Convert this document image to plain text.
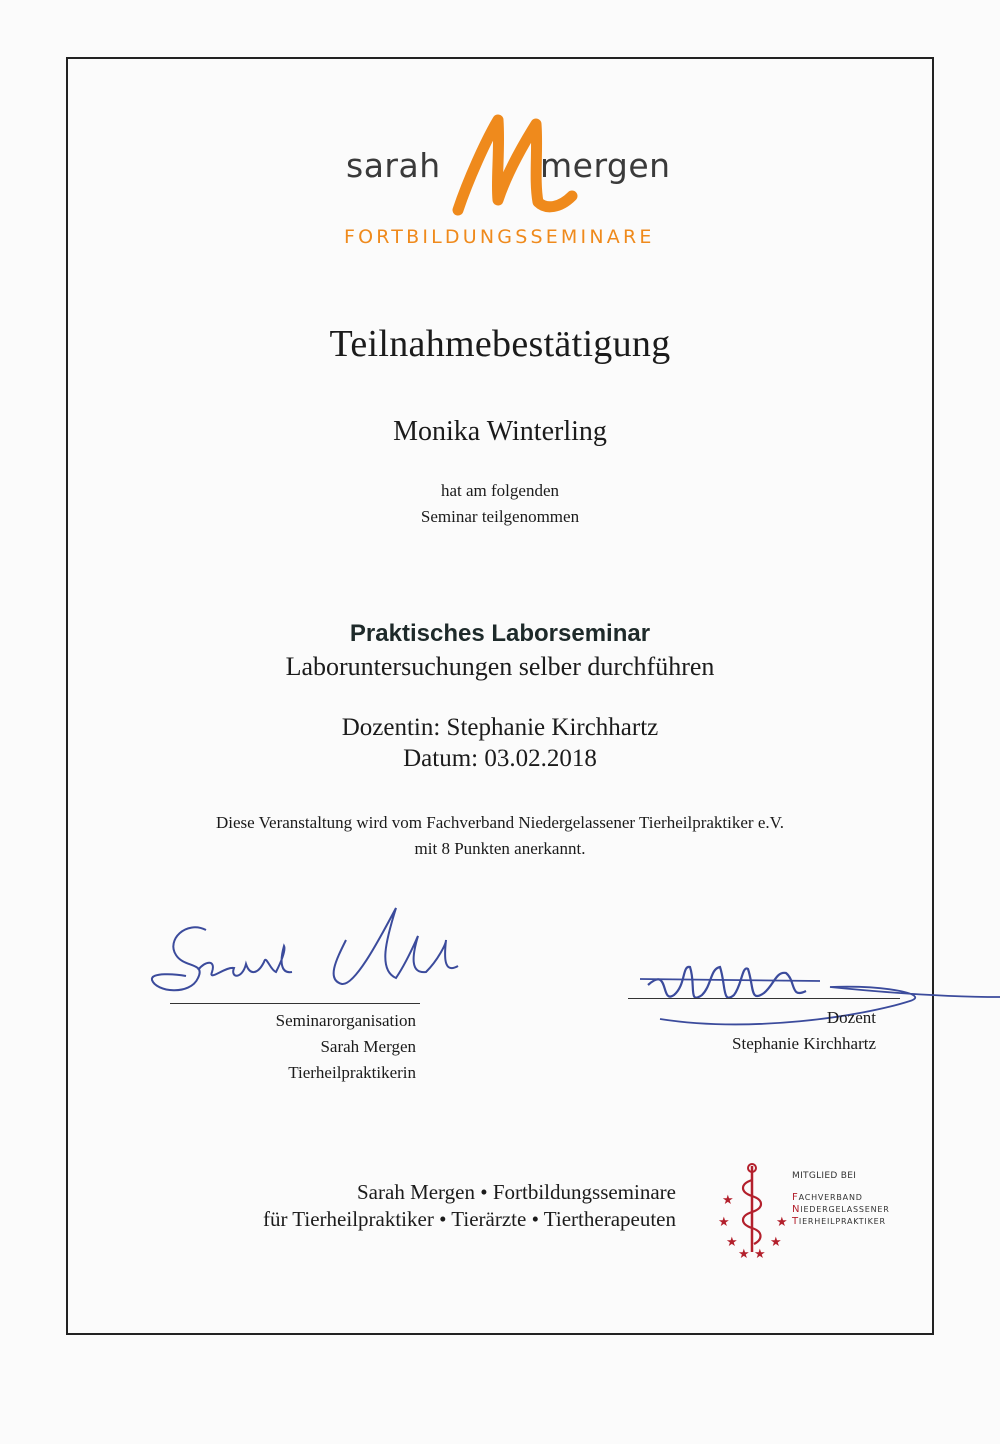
sarah	mergen
FORTBILDUNGSSEMINARE
Teilnahmebestätigung
Monika Winterling
hat am folgenden
Seminar teilgenommen
Praktisches Laborseminar
Laboruntersuchungen selber durchführen
Dozentin: Stephanie Kirchhartz
Datum: 03.02.2018
Diese Veranstaltung wird vom Fachverband Niedergelassener Tierheilpraktiker e.V.
mit 8 Punkten anerkannt.
Seminarorganisation
Sarah Mergen
Tierheilpraktikerin
Dozent
Stephanie Kirchhartz
Sarah Mergen • Fortbildungsseminare
für Tierheilpraktiker • Tierärzte • Tiertherapeuten
★
★
★
★ ★
★
★
MITGLIED BEI
FACHVERBAND
NIEDERGELASSENER
TIERHEILPRAKTIKER
